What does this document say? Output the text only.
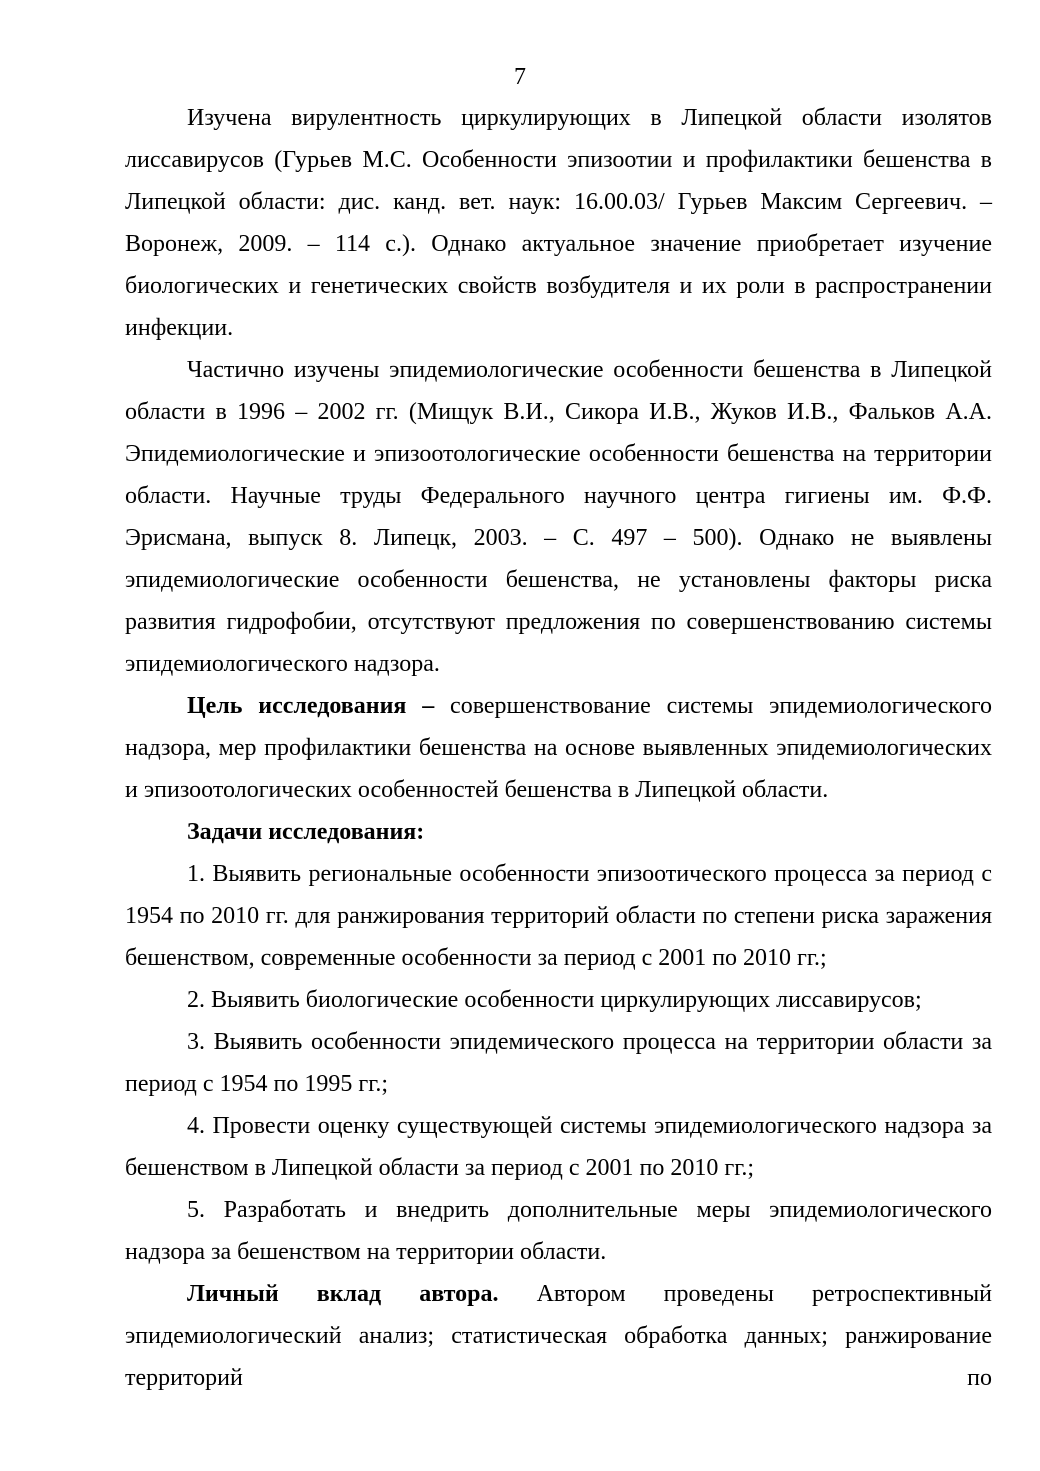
7

Изучена вирулентность циркулирующих в Липецкой области изолятов лиссавирусов (Гурьев М.С. Особенности эпизоотии и профилактики бешенства в Липецкой области: дис. канд. вет. наук: 16.00.03/ Гурьев Максим Сергеевич. – Воронеж, 2009. – 114 с.). Однако актуальное значение приобретает изучение биологических и генетических свойств возбудителя и их роли в распространении инфекции.

Частично изучены эпидемиологические особенности бешенства в Липецкой области в 1996 – 2002 гг. (Мищук В.И., Сикора И.В., Жуков И.В., Фальков А.А. Эпидемиологические и эпизоотологические особенности бешенства на территории области. Научные труды Федерального научного центра гигиены им. Ф.Ф. Эрисмана, выпуск 8. Липецк, 2003. – С. 497 – 500). Однако не выявлены эпидемиологические особенности бешенства, не установлены факторы риска развития гидрофобии, отсутствуют предложения по совершенствованию системы эпидемиологического надзора.

Цель исследования – совершенствование системы эпидемиологического надзора, мер профилактики бешенства на основе выявленных эпидемиологических и эпизоотологических особенностей бешенства в Липецкой области.

Задачи исследования:

1. Выявить региональные особенности эпизоотического процесса за период с 1954 по 2010 гг. для ранжирования территорий области по степени риска заражения бешенством, современные особенности за период с 2001 по 2010 гг.;

2. Выявить биологические особенности циркулирующих лиссавирусов;

3. Выявить особенности эпидемического процесса на территории области за период с 1954 по 1995 гг.;

4. Провести оценку существующей системы эпидемиологического надзора за бешенством в Липецкой области за период с 2001 по 2010 гг.;

5. Разработать и внедрить дополнительные меры эпидемиологического надзора за бешенством на территории области.

Личный вклад автора. Автором проведены ретроспективный эпидемиологический анализ; статистическая обработка данных; ранжирование территорий по
